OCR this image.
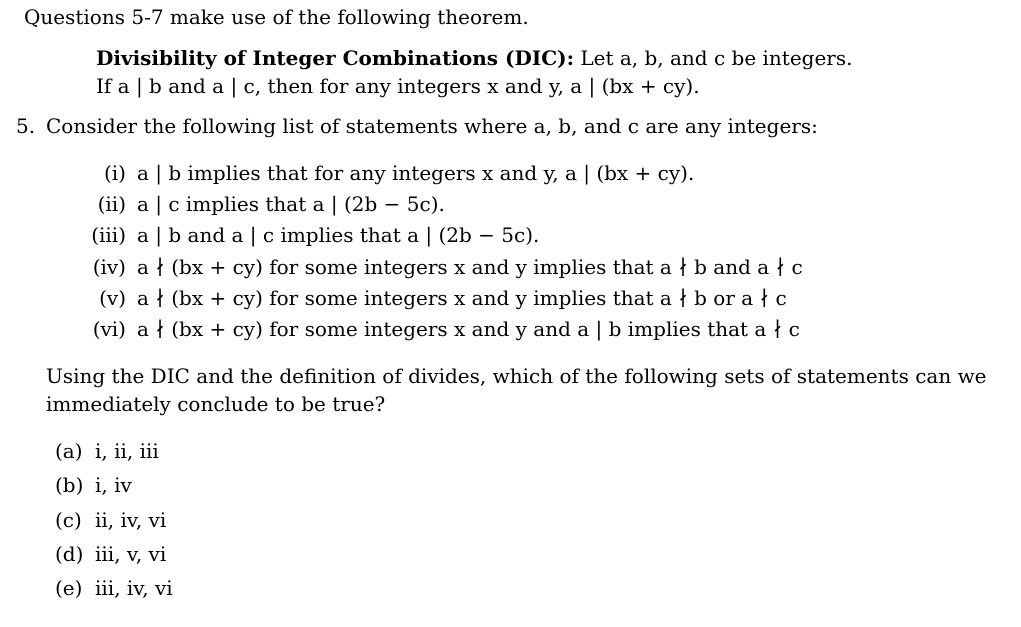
Questions 5-7 make use of the following theorem.
Divisibility of Integer Combinations (DIC): Let a, b, and c be integers.
If a | b and a | c, then for any integers x and y, a | (bx + cy).
5. Consider the following list of statements where a, b, and c are any integers:
(i) a | b implies that for any integers x and y, a | (bx + cy).
(ii) a | c implies that a | (2b − 5c).
(iii) a | b and a | c implies that a | (2b − 5c).
(iv) a ∤ (bx + cy) for some integers x and y implies that a ∤ b and a ∤ c
(v) a ∤ (bx + cy) for some integers x and y implies that a ∤ b or a ∤ c
(vi) a ∤ (bx + cy) for some integers x and y and a | b implies that a ∤ c
Using the DIC and the definition of divides, which of the following sets of statements can we
immediately conclude to be true?
(a) i, ii, iii
(b) i, iv
(c) ii, iv, vi
(d) iii, v, vi
(e) iii, iv, vi
